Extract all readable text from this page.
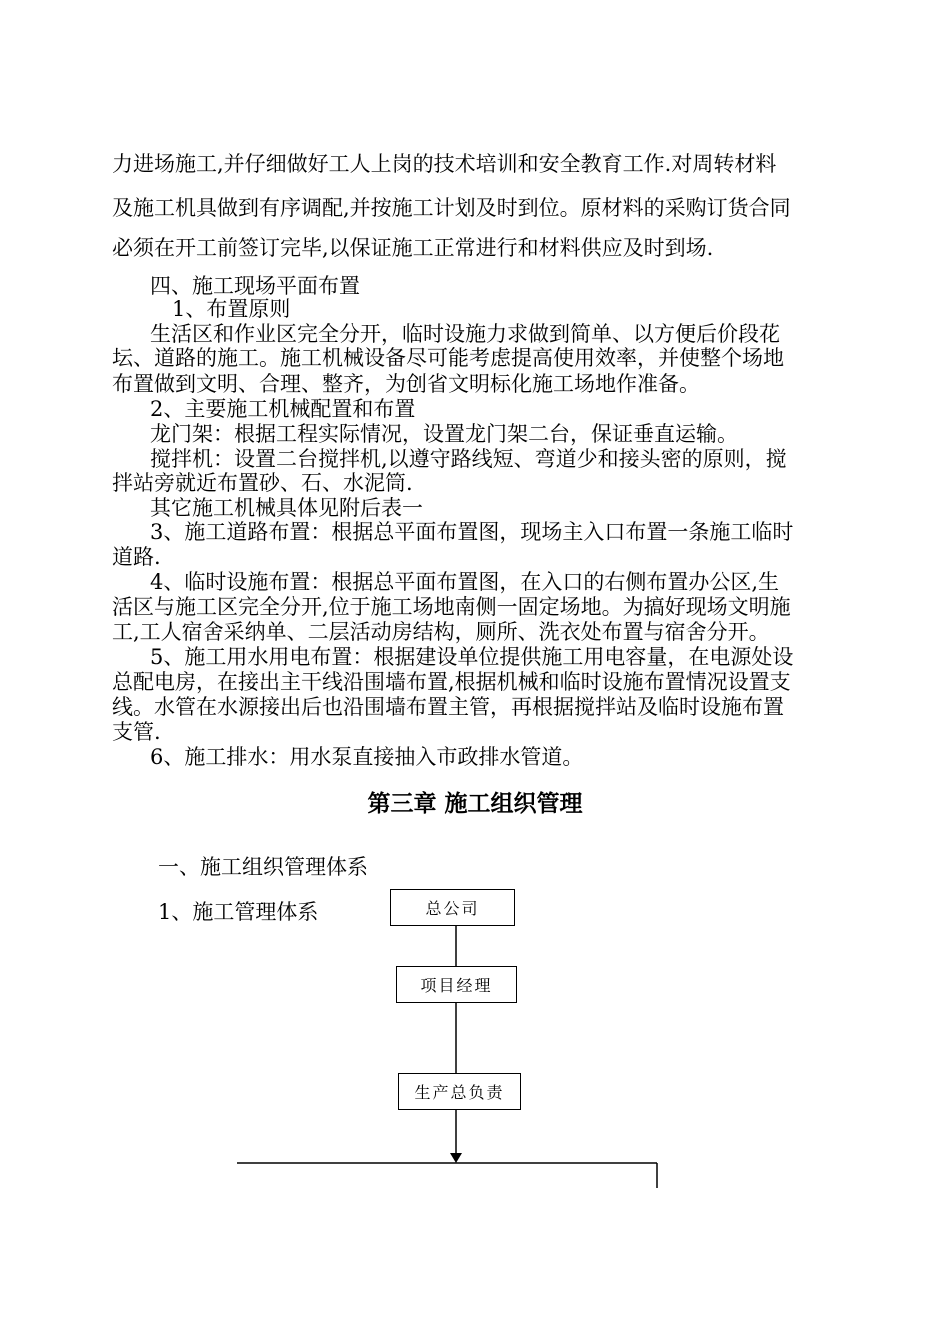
力进场施工,并仔细做好工人上岗的技术培训和安全教育工作.对周转材料

及施工机具做到有序调配,并按施工计划及时到位。原材料的采购订货合同

必须在开工前签订完毕,以保证施工正常进行和材料供应及时到场.

四、施工现场平面布置

1、布置原则

生活区和作业区完全分开，临时设施力求做到简单、以方便后价段花

坛、道路的施工。施工机械设备尽可能考虑提高使用效率，并使整个场地

布置做到文明、合理、整齐，为创省文明标化施工场地作准备。

2、主要施工机械配置和布置

龙门架：根据工程实际情况，设置龙门架二台，保证垂直运输。

搅拌机：设置二台搅拌机,以遵守路线短、弯道少和接头密的原则，搅

拌站旁就近布置砂、石、水泥筒.

其它施工机械具体见附后表一

3、施工道路布置：根据总平面布置图，现场主入口布置一条施工临时

道路.

4、临时设施布置：根据总平面布置图，在入口的右侧布置办公区,生

活区与施工区完全分开,位于施工场地南侧一固定场地。为搞好现场文明施

工,工人宿舍采纳单、二层活动房结构，厕所、洗衣处布置与宿舍分开。

5、施工用水用电布置：根据建设单位提供施工用电容量，在电源处设

总配电房，在接出主干线沿围墙布置,根据机械和临时设施布置情况设置支

线。水管在水源接出后也沿围墙布置主管，再根据搅拌站及临时设施布置

支管.

6、施工排水：用水泵直接抽入市政排水管道。

第三章 施工组织管理

一、施工组织管理体系

1、施工管理体系	总公司
项目经理
生产总负责
